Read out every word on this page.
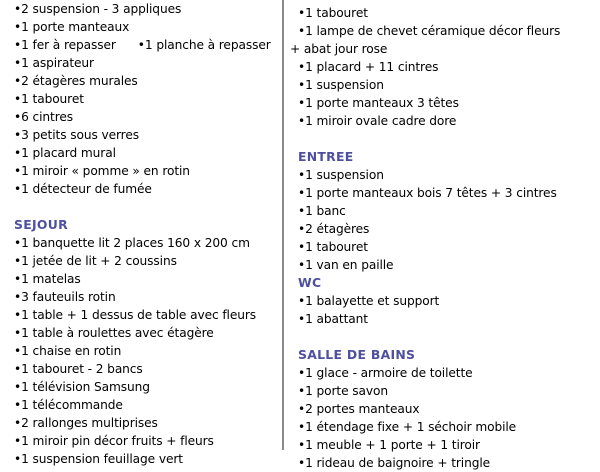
•2 suspension - 3 appliques
•1 porte manteaux
•1 fer à repasser •1 planche à repasser
•1 aspirateur
•2 étagères murales
•1 tabouret
•6 cintres
•3 petits sous verres
•1 placard mural
•1 miroir « pomme » en rotin
•1 détecteur de fumée
SEJOUR
•1 banquette lit 2 places 160 x 200 cm
•1 jetée de lit + 2 coussins
•1 matelas
•3 fauteuils rotin
•1 table + 1 dessus de table avec fleurs
•1 table à roulettes avec étagère
•1 chaise en rotin
•1 tabouret - 2 bancs
•1 télévision Samsung
•1 télécommande
•2 rallonges multiprises
•1 miroir pin décor fruits + fleurs
•1 suspension feuillage vert

•1 tabouret
•1 lampe de chevet céramique décor fleurs
+ abat jour rose
•1 placard + 11 cintres
•1 suspension
•1 porte manteaux 3 têtes
•1 miroir ovale cadre dore
ENTREE
•1 suspension
•1 porte manteaux bois 7 têtes + 3 cintres
•1 banc
•2 étagères
•1 tabouret
•1 van en paille
WC
•1 balayette et support
•1 abattant
SALLE DE BAINS
•1 glace - armoire de toilette
•1 porte savon
•2 portes manteaux
•1 étendage fixe + 1 séchoir mobile
•1 meuble + 1 porte + 1 tiroir
•1 rideau de baignoire + tringle
